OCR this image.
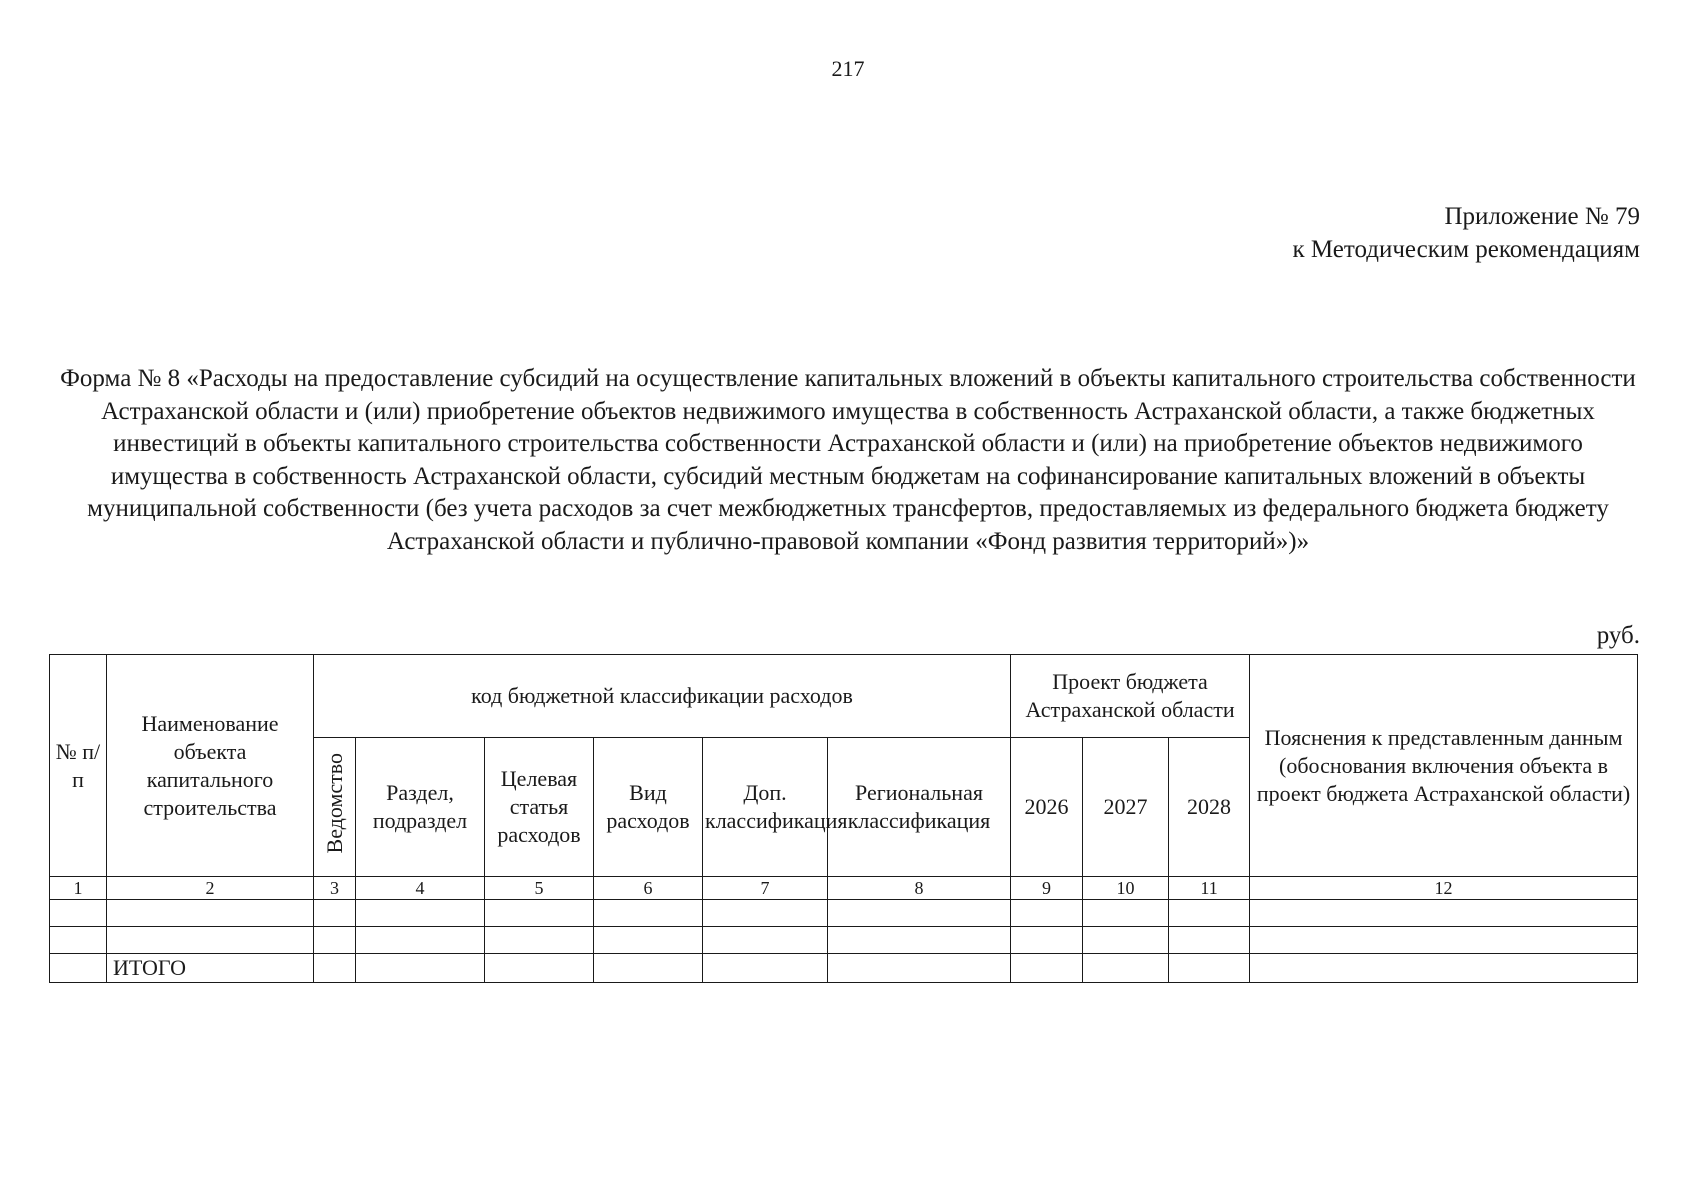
217
Приложение № 79
к Методическим рекомендациям
Форма № 8 «Расходы на предоставление субсидий на осуществление капитальных вложений в объекты капитального строительства собственности Астраханской области и (или) приобретение объектов недвижимого имущества в собственность Астраханской области, а также бюджетных инвестиций в объекты капитального строительства собственности Астраханской области и (или) на приобретение объектов недвижимого имущества в собственность Астраханской области, субсидий местным бюджетам на софинансирование капитальных вложений в объекты муниципальной собственности (без учета расходов за счет межбюджетных трансфертов, предоставляемых из федерального бюджета бюджету Астраханской области и публично-правовой компании «Фонд развития территорий»)»
руб.
№ п/п	Наименование объекта капитального строительства	код бюджетной классификации расходов						Проект бюджета Астраханской области			Пояснения к представленным данным (обоснования включения объекта в проект бюджета Астраханской области)
		Ведомство	Раздел, подраздел	Целевая статья расходов	Вид расходов	Доп. классификация	Региональная классификация	2026	2027	2028	
1	2	3	4	5	6	7	8	9	10	11	12

	ИТОГО										
